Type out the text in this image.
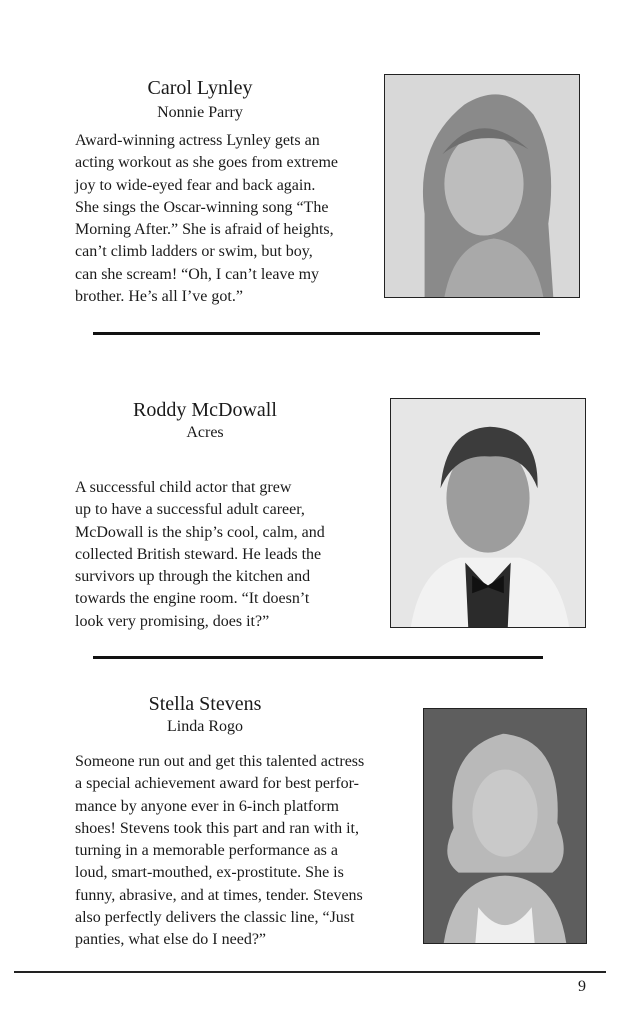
Carol Lynley
Nonnie Parry
Award-winning actress Lynley gets an
acting workout as she goes from extreme
joy to wide-eyed fear and back again.
She sings the Oscar-winning song “The
Morning After.” She is afraid of heights,
can’t climb ladders or swim, but boy,
can she scream! “Oh, I can’t leave my
brother. He’s all I’ve got.”
Roddy McDowall
Acres
A successful child actor that grew
up to have a successful adult career,
McDowall is the ship’s cool, calm, and
collected British steward. He leads the
survivors up through the kitchen and
towards the engine room. “It doesn’t
look very promising, does it?”
Stella Stevens
Linda Rogo
Someone run out and get this talented actress
a special achievement award for best perfor-
mance by anyone ever in 6-inch platform
shoes! Stevens took this part and ran with it,
turning in a memorable performance as a
loud, smart-mouthed, ex-prostitute. She is
funny, abrasive, and at times, tender. Stevens
also perfectly delivers the classic line, “Just
panties, what else do I need?”
9
